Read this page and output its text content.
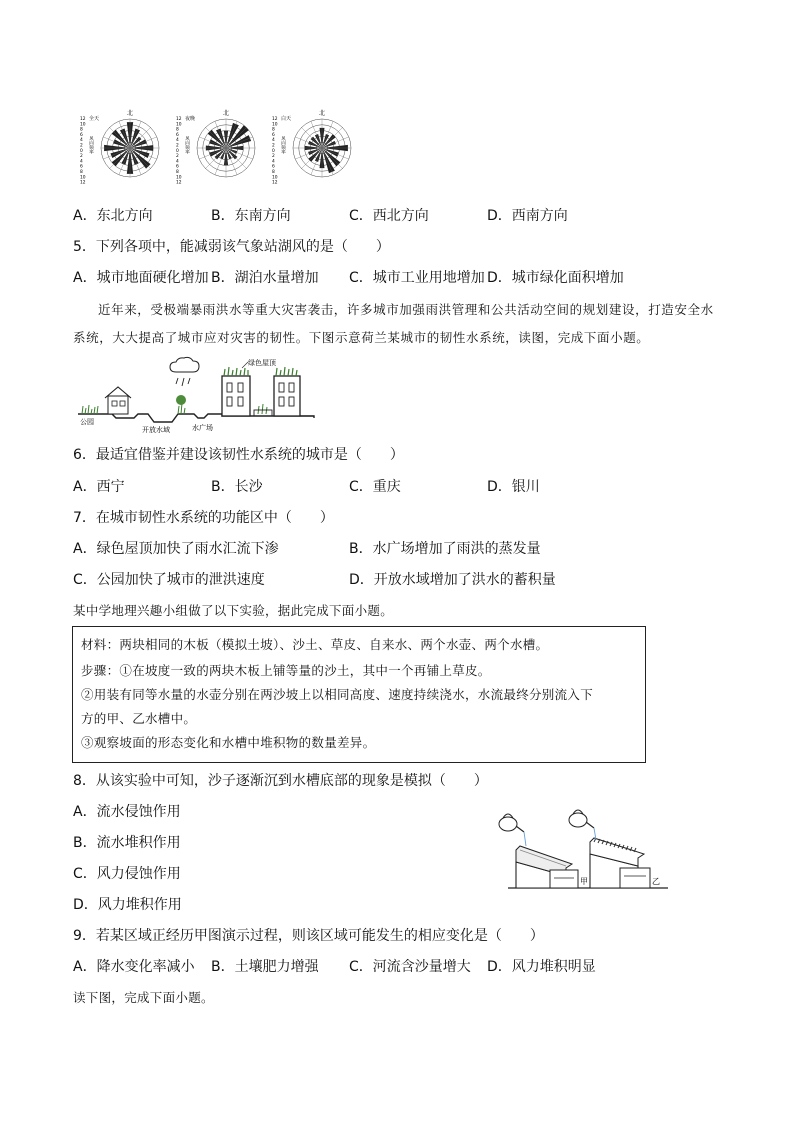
12
10
8
6
4
2
0
2
4
6
8
10
12
风向频率
全天
北
12
10
8
6
4
2
0
2
4
6
8
10
12
风向频率
夜晚
北
12
10
8
6
4
2
0
2
4
6
8
10
12
风向频率
白天
北
A．东北方向	B．东南方向	C．西北方向	D．西南方向
5．下列各项中，能减弱该气象站湖风的是（　　）
A．城市地面硬化增加 B．湖泊水量增加 C．城市工业用地增加 D．城市绿化面积增加
近年来，受极端暴雨洪水等重大灾害袭击，许多城市加强雨洪管理和公共活动空间的规划建设，打造安全水系统，大大提高了城市应对灾害的韧性。下图示意荷兰某城市的韧性水系统，读图，完成下面小题。
绿色屋顶
公园
开放水域	水广场
6．最适宜借鉴并建设该韧性水系统的城市是（　　）
A．西宁	B．长沙	C．重庆	D．银川
7．在城市韧性水系统的功能区中（　　）
A．绿色屋顶加快了雨水汇流下渗	B．水广场增加了雨洪的蒸发量
C．公园加快了城市的泄洪速度	D．开放水域增加了洪水的蓄积量
某中学地理兴趣小组做了以下实验，据此完成下面小题。
材料：两块相同的木板（模拟土坡）、沙土、草皮、自来水、两个水壶、两个水槽。
步骤：①在坡度一致的两块木板上铺等量的沙土，其中一个再铺上草皮。
②用装有同等水量的水壶分别在两沙坡上以相同高度、速度持续浇水，水流最终分别流入下
方的甲、乙水槽中。
③观察坡面的形态变化和水槽中堆积物的数量差异。
8．从该实验中可知，沙子逐渐沉到水槽底部的现象是模拟（　　）
A．流水侵蚀作用
B．流水堆积作用
C．风力侵蚀作用
D．风力堆积作用
甲	乙
9．若某区域正经历甲图演示过程，则该区域可能发生的相应变化是（　　）
A．降水变化率减小 B．土壤肥力增强 C．河流含沙量增大 D．风力堆积明显
读下图，完成下面小题。
